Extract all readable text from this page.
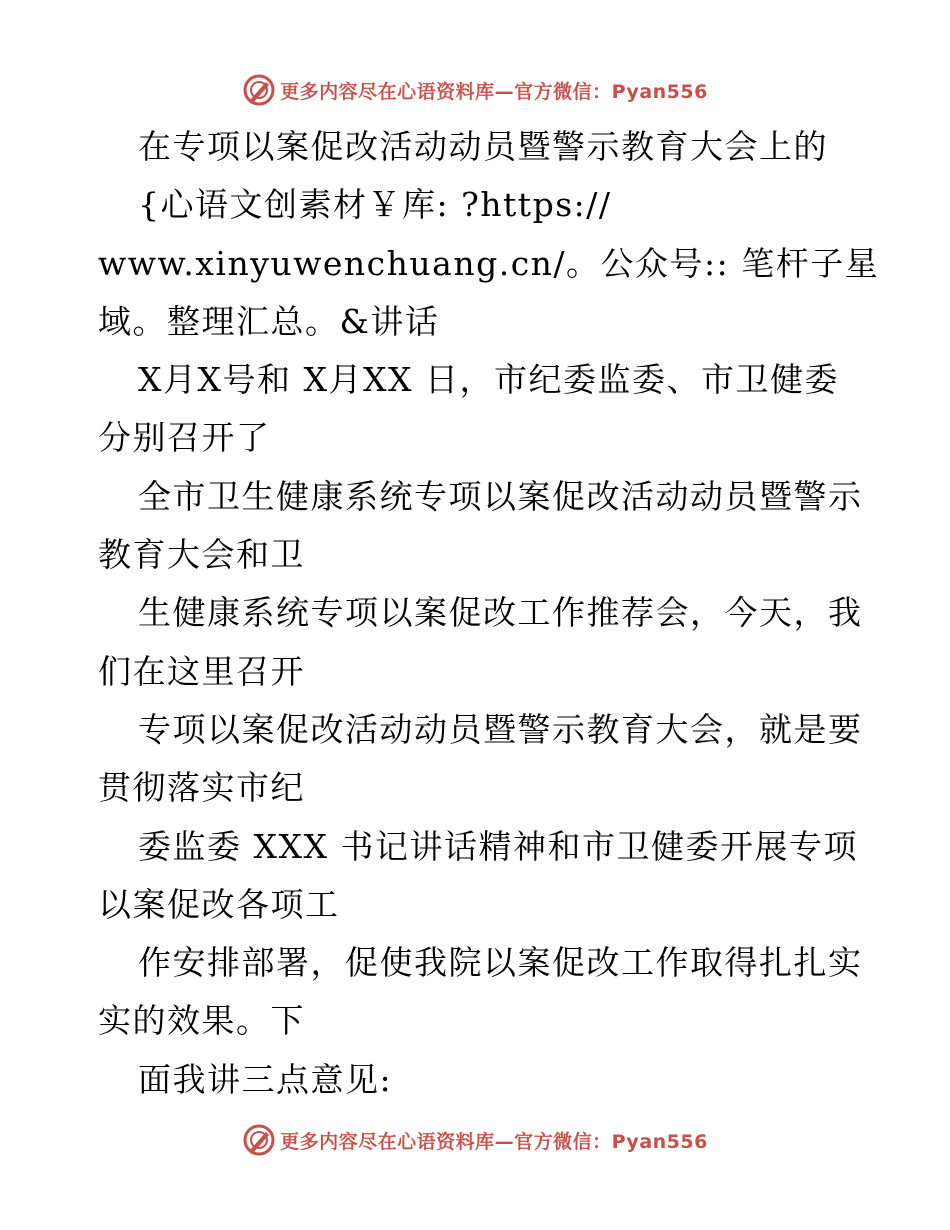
更多内容尽在心语资料库—官方微信：Pyan556
在专项以案促改活动动员暨警示教育大会上的
{心语文创素材￥库: ?https://
www.xinyuwenchuang.cn/。公众号:: 笔杆子星
域。整理汇总。&讲话
X月X号和 X月XX 日，市纪委监委、市卫健委
分别召开了
全市卫生健康系统专项以案促改活动动员暨警示
教育大会和卫
生健康系统专项以案促改工作推荐会，今天，我
们在这里召开
专项以案促改活动动员暨警示教育大会，就是要
贯彻落实市纪
委监委 XXX 书记讲话精神和市卫健委开展专项
以案促改各项工
作安排部署，促使我院以案促改工作取得扎扎实
实的效果。下
面我讲三点意见:
更多内容尽在心语资料库—官方微信：Pyan556
